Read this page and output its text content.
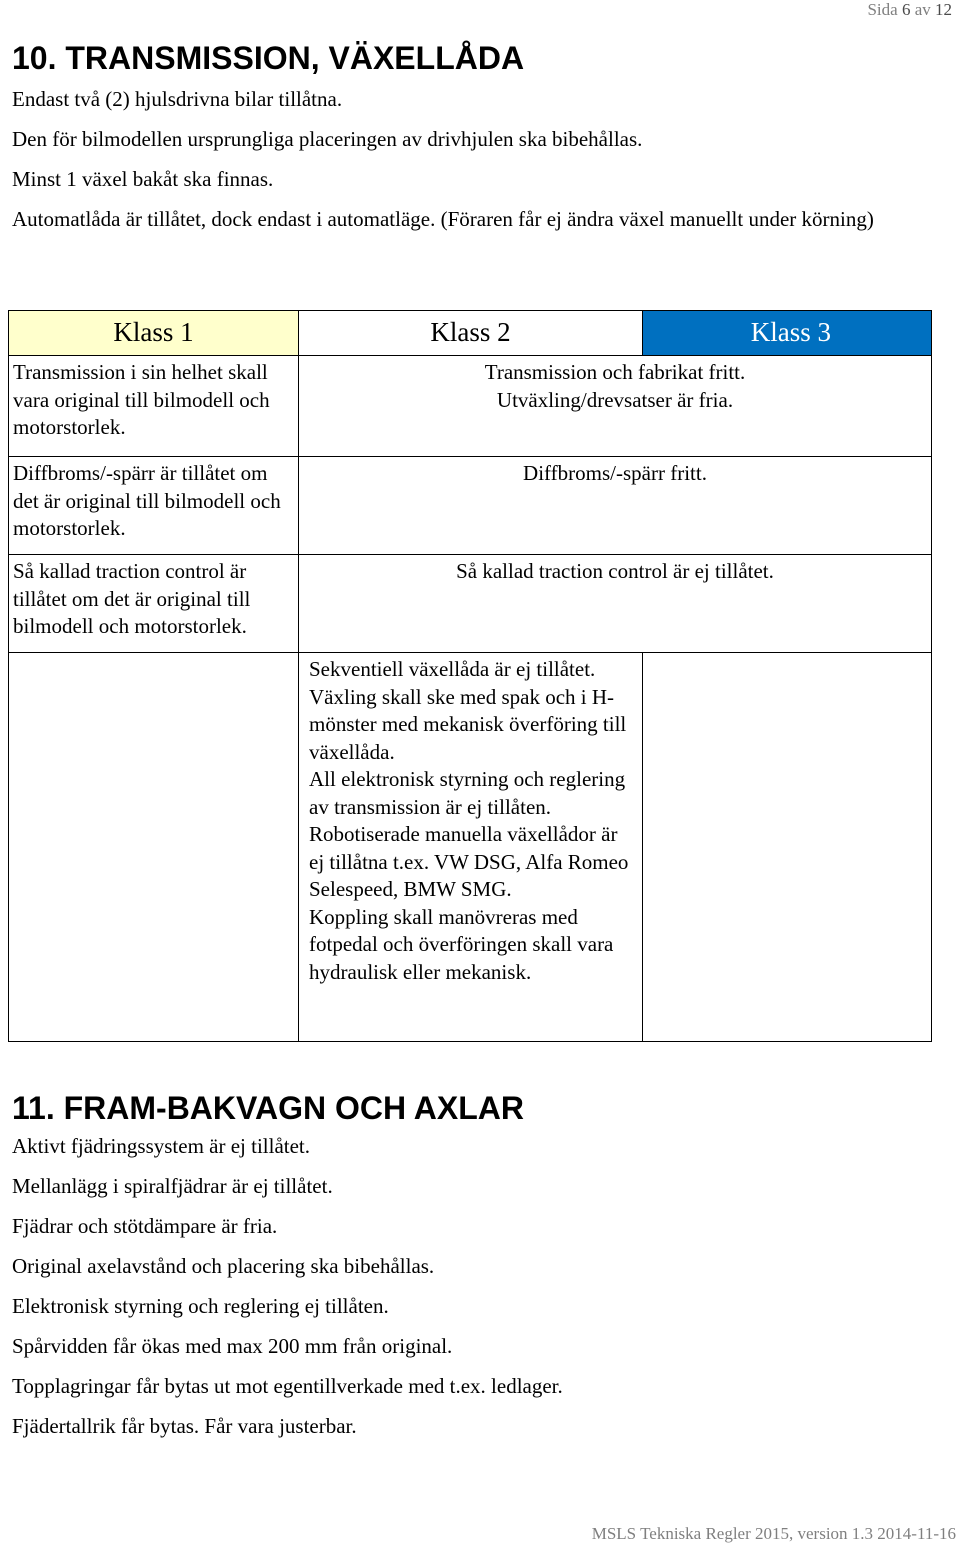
Sida 6 av 12
10. TRANSMISSION, VÄXELLÅDA

Endast två (2) hjulsdrivna bilar tillåtna.

Den för bilmodellen ursprungliga placeringen av drivhjulen ska bibehållas.

Minst 1 växel bakåt ska finnas.

Automatlåda är tillåtet, dock endast i automatläge. (Föraren får ej ändra växel manuellt under körning)

Klass 1	Klass 2	Klass 3
Transmission i sin helhet skall vara original till bilmodell och motorstorlek.	Transmission och fabrikat fritt.
Utväxling/drevsatser är fria.	
Diffbroms/-spärr är tillåtet om det är original till bilmodell och motorstorlek.	Diffbroms/-spärr fritt.	
Så kallad traction control är tillåtet om det är original till bilmodell och motorstorlek.	Så kallad traction control är ej tillåtet.	
	Sekventiell växellåda är ej tillåtet. Växling skall ske med spak och i H-mönster med mekanisk överföring till växellåda.
All elektronisk styrning och reglering av transmission är ej tillåten.
Robotiserade manuella växellådor är ej tillåtna t.ex. VW DSG, Alfa Romeo Selespeed, BMW SMG.
Koppling skall manövreras med fotpedal och överföringen skall vara hydraulisk eller mekanisk.	
11. FRAM-BAKVAGN OCH AXLAR

Aktivt fjädringssystem är ej tillåtet.

Mellanlägg i spiralfjädrar är ej tillåtet.

Fjädrar och stötdämpare är fria.

Original axelavstånd och placering ska bibehållas.

Elektronisk styrning och reglering ej tillåten.

Spårvidden får ökas med max 200 mm från original.

Topplagringar får bytas ut mot egentillverkade med t.ex. ledlager.

Fjädertallrik får bytas. Får vara justerbar.

MSLS Tekniska Regler 2015, version 1.3 2014-11-16
